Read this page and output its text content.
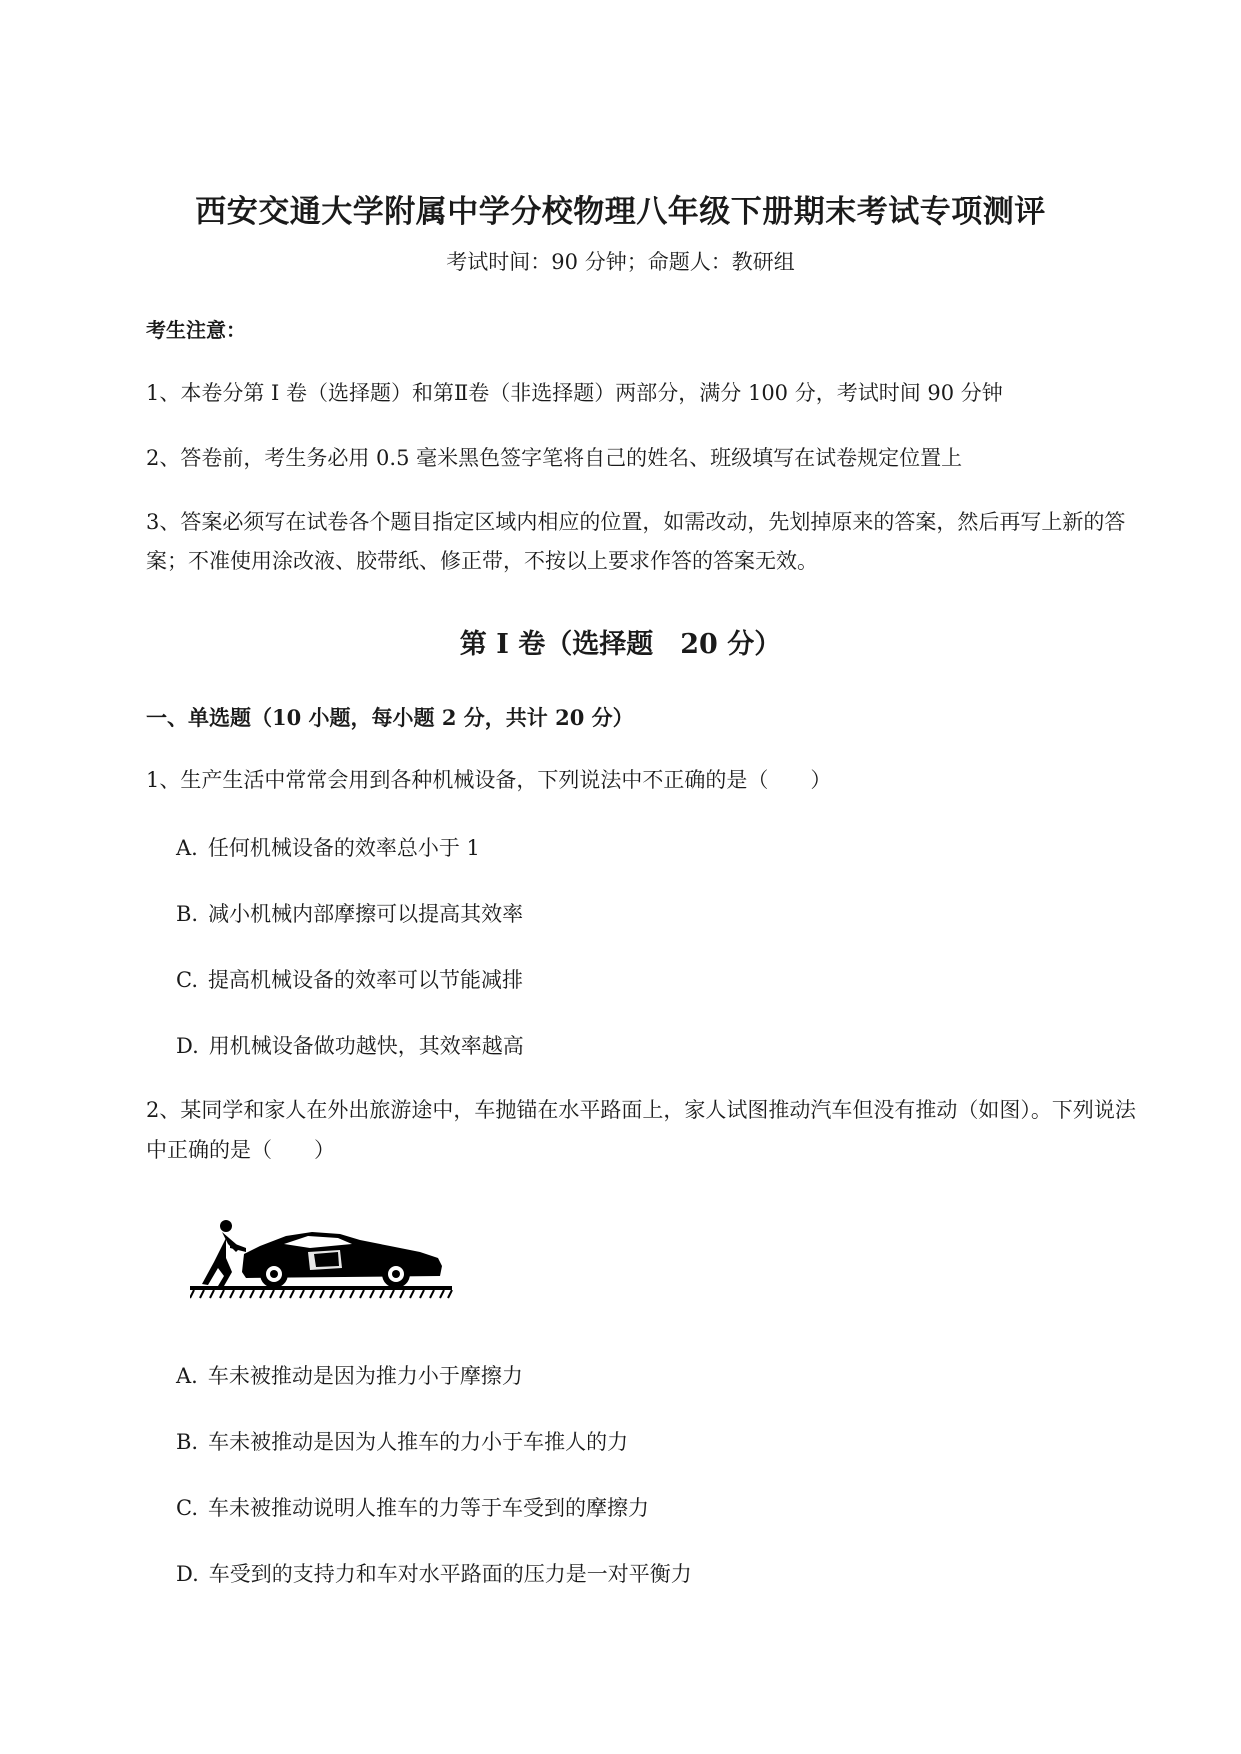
西安交通大学附属中学分校物理八年级下册期末考试专项测评
考试时间：90 分钟；命题人：教研组
考生注意：
1、本卷分第 I 卷（选择题）和第Ⅱ卷（非选择题）两部分，满分 100 分，考试时间 90 分钟
2、答卷前，考生务必用 0.5 毫米黑色签字笔将自己的姓名、班级填写在试卷规定位置上
3、答案必须写在试卷各个题目指定区域内相应的位置，如需改动，先划掉原来的答案，然后再写上新的答案；不准使用涂改液、胶带纸、修正带，不按以上要求作答的答案无效。
第 I 卷（选择题　20 分）
一、单选题（10 小题，每小题 2 分，共计 20 分）
1、生产生活中常常会用到各种机械设备，下列说法中不正确的是（　　）
A. 任何机械设备的效率总小于 1
B. 减小机械内部摩擦可以提高其效率
C. 提高机械设备的效率可以节能减排
D. 用机械设备做功越快，其效率越高
2、某同学和家人在外出旅游途中，车抛锚在水平路面上，家人试图推动汽车但没有推动（如图）。下列说法中正确的是（　　）
A. 车未被推动是因为推力小于摩擦力
B. 车未被推动是因为人推车的力小于车推人的力
C. 车未被推动说明人推车的力等于车受到的摩擦力
D. 车受到的支持力和车对水平路面的压力是一对平衡力
